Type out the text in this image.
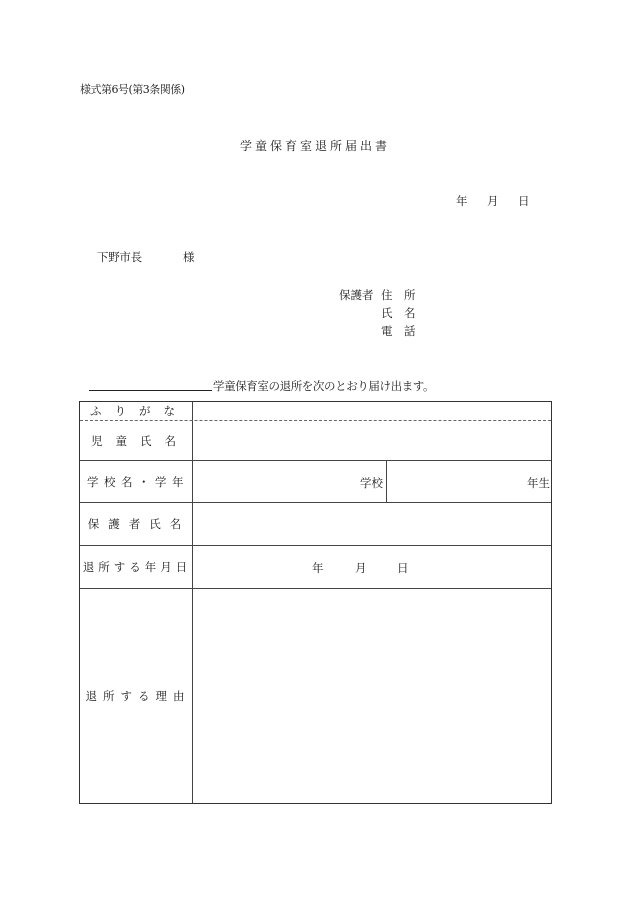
様式第6号(第3条関係)
学童保育室退所届出書
年 月 日
下野市長	様
保護者 住　所
氏　名
電　話
学童保育室の退所を次のとおり届け出ます。
ふりがな
児童氏名
学校名・学年	学校	年生
保護者氏名
退所する年月日	年	月	日
退所する理由
